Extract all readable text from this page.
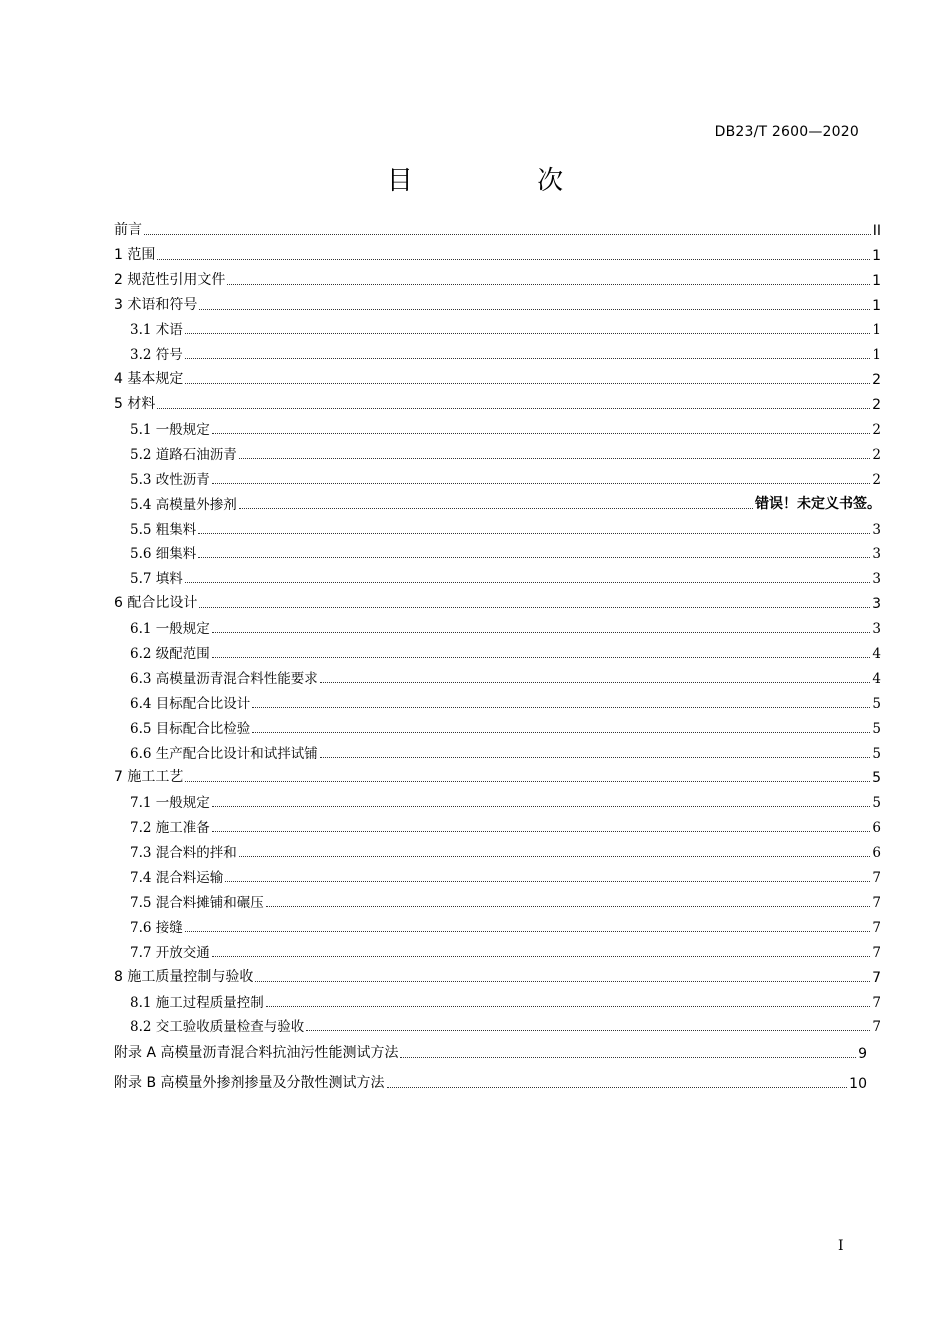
DB23/T 2600—2020
目 次
前言	II
1 范围	1
2 规范性引用文件	1
3 术语和符号	1
3.1 术语	1
3.2 符号	1
4 基本规定	2
5 材料	2
5.1 一般规定	2
5.2 道路石油沥青	2
5.3 改性沥青	2
5.4 高模量外掺剂	错误！未定义书签。
5.5 粗集料	3
5.6 细集料	3
5.7 填料	3
6 配合比设计	3
6.1 一般规定	3
6.2 级配范围	4
6.3 高模量沥青混合料性能要求	4
6.4 目标配合比设计	5
6.5 目标配合比检验	5
6.6 生产配合比设计和试拌试铺	5
7 施工工艺	5
7.1 一般规定	5
7.2 施工准备	6
7.3 混合料的拌和	6
7.4 混合料运输	7
7.5 混合料摊铺和碾压	7
7.6 接缝	7
7.7 开放交通	7
8 施工质量控制与验收	7
8.1 施工过程质量控制	7
8.2 交工验收质量检查与验收	7
附录 A 高模量沥青混合料抗油污性能测试方法	9
附录 B 高模量外掺剂掺量及分散性测试方法	10
I
